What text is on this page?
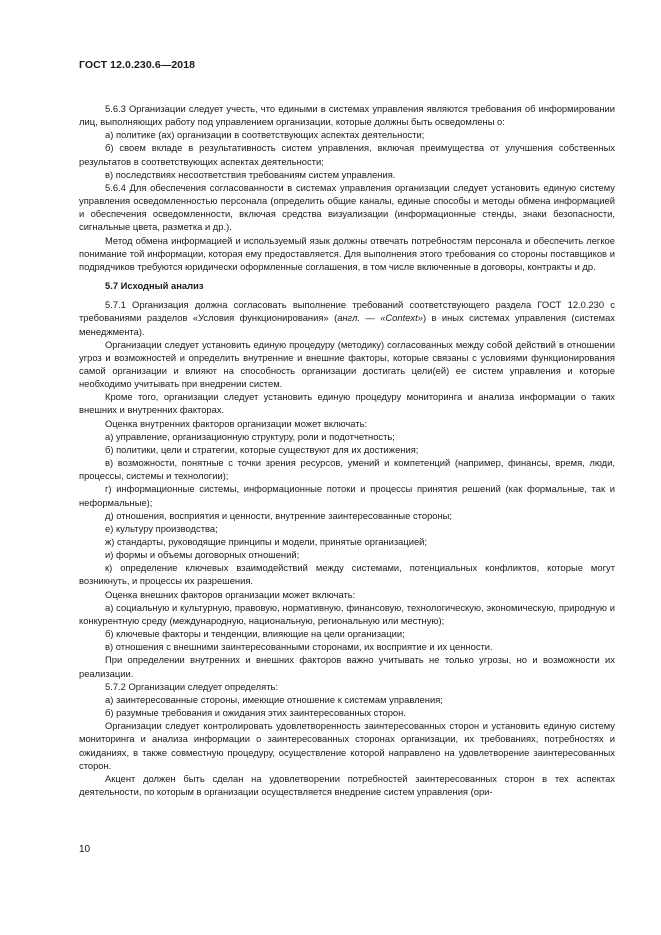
ГОСТ 12.0.230.6—2018

5.6.3 Организации следует учесть, что едиными в системах управления являются требования об информировании лиц, выполняющих работу под управлением организации, которые должны быть осведомлены о:

а) политике (ах) организации в соответствующих аспектах деятельности;

б) своем вкладе в результативность систем управления, включая преимущества от улучшения собственных результатов в соответствующих аспектах деятельности;

в) последствиях несоответствия требованиям систем управления.

5.6.4 Для обеспечения согласованности в системах управления организации следует установить единую систему управления осведомленностью персонала (определить общие каналы, единые способы и методы обмена информацией и обеспечения осведомленности, включая средства визуализации (информационные стенды, знаки безопасности, сигнальные цвета, разметка и др.).

Метод обмена информацией и используемый язык должны отвечать потребностям персонала и обеспечить легкое понимание той информации, которая ему предоставляется. Для выполнения этого требования со стороны поставщиков и подрядчиков требуются юридически оформленные соглашения, в том числе включенные в договоры, контракты и др.

5.7 Исходный анализ

5.7.1 Организация должна согласовать выполнение требований соответствующего раздела ГОСТ 12.0.230 с требованиями разделов «Условия функционирования» (англ. — «Context») в иных системах управления (системах менеджмента).

Организации следует установить единую процедуру (методику) согласованных между собой действий в отношении угроз и возможностей и определить внутренние и внешние факторы, которые связаны с условиями функционирования самой организации и влияют на способность организации достигать цели(ей) ее систем управления и которые необходимо учитывать при внедрении систем.

Кроме того, организации следует установить единую процедуру мониторинга и анализа информации о таких внешних и внутренних факторах.

Оценка внутренних факторов организации может включать:

а) управление, организационную структуру, роли и подотчетность;

б) политики, цели и стратегии, которые существуют для их достижения;

в) возможности, понятные с точки зрения ресурсов, умений и компетенций (например, финансы, время, люди, процессы, системы и технологии);

г) информационные системы, информационные потоки и процессы принятия решений (как формальные, так и неформальные);

д) отношения, восприятия и ценности, внутренние заинтересованные стороны;

е) культуру производства;

ж) стандарты, руководящие принципы и модели, принятые организацией;

и) формы и объемы договорных отношений;

к) определение ключевых взаимодействий между системами, потенциальных конфликтов, которые могут возникнуть, и процессы их разрешения.

Оценка внешних факторов организации может включать:

а) социальную и культурную, правовую, нормативную, финансовую, технологическую, экономическую, природную и конкурентную среду (международную, национальную, региональную или местную);

б) ключевые факторы и тенденции, влияющие на цели организации;

в) отношения с внешними заинтересованными сторонами, их восприятие и их ценности.

При определении внутренних и внешних факторов важно учитывать не только угрозы, но и возможности их реализации.

5.7.2 Организации следует определять:

а) заинтересованные стороны, имеющие отношение к системам управления;

б) разумные требования и ожидания этих заинтересованных сторон.

Организации следует контролировать удовлетворенность заинтересованных сторон и установить единую систему мониторинга и анализа информации о заинтересованных сторонах организации, их требованиях, потребностях и ожиданиях, в также совместную процедуру, осуществление которой направлено на удовлетворение заинтересованных сторон.

Акцент должен быть сделан на удовлетворении потребностей заинтересованных сторон в тех аспектах деятельности, по которым в организации осуществляется внедрение систем управления (ори-

10
